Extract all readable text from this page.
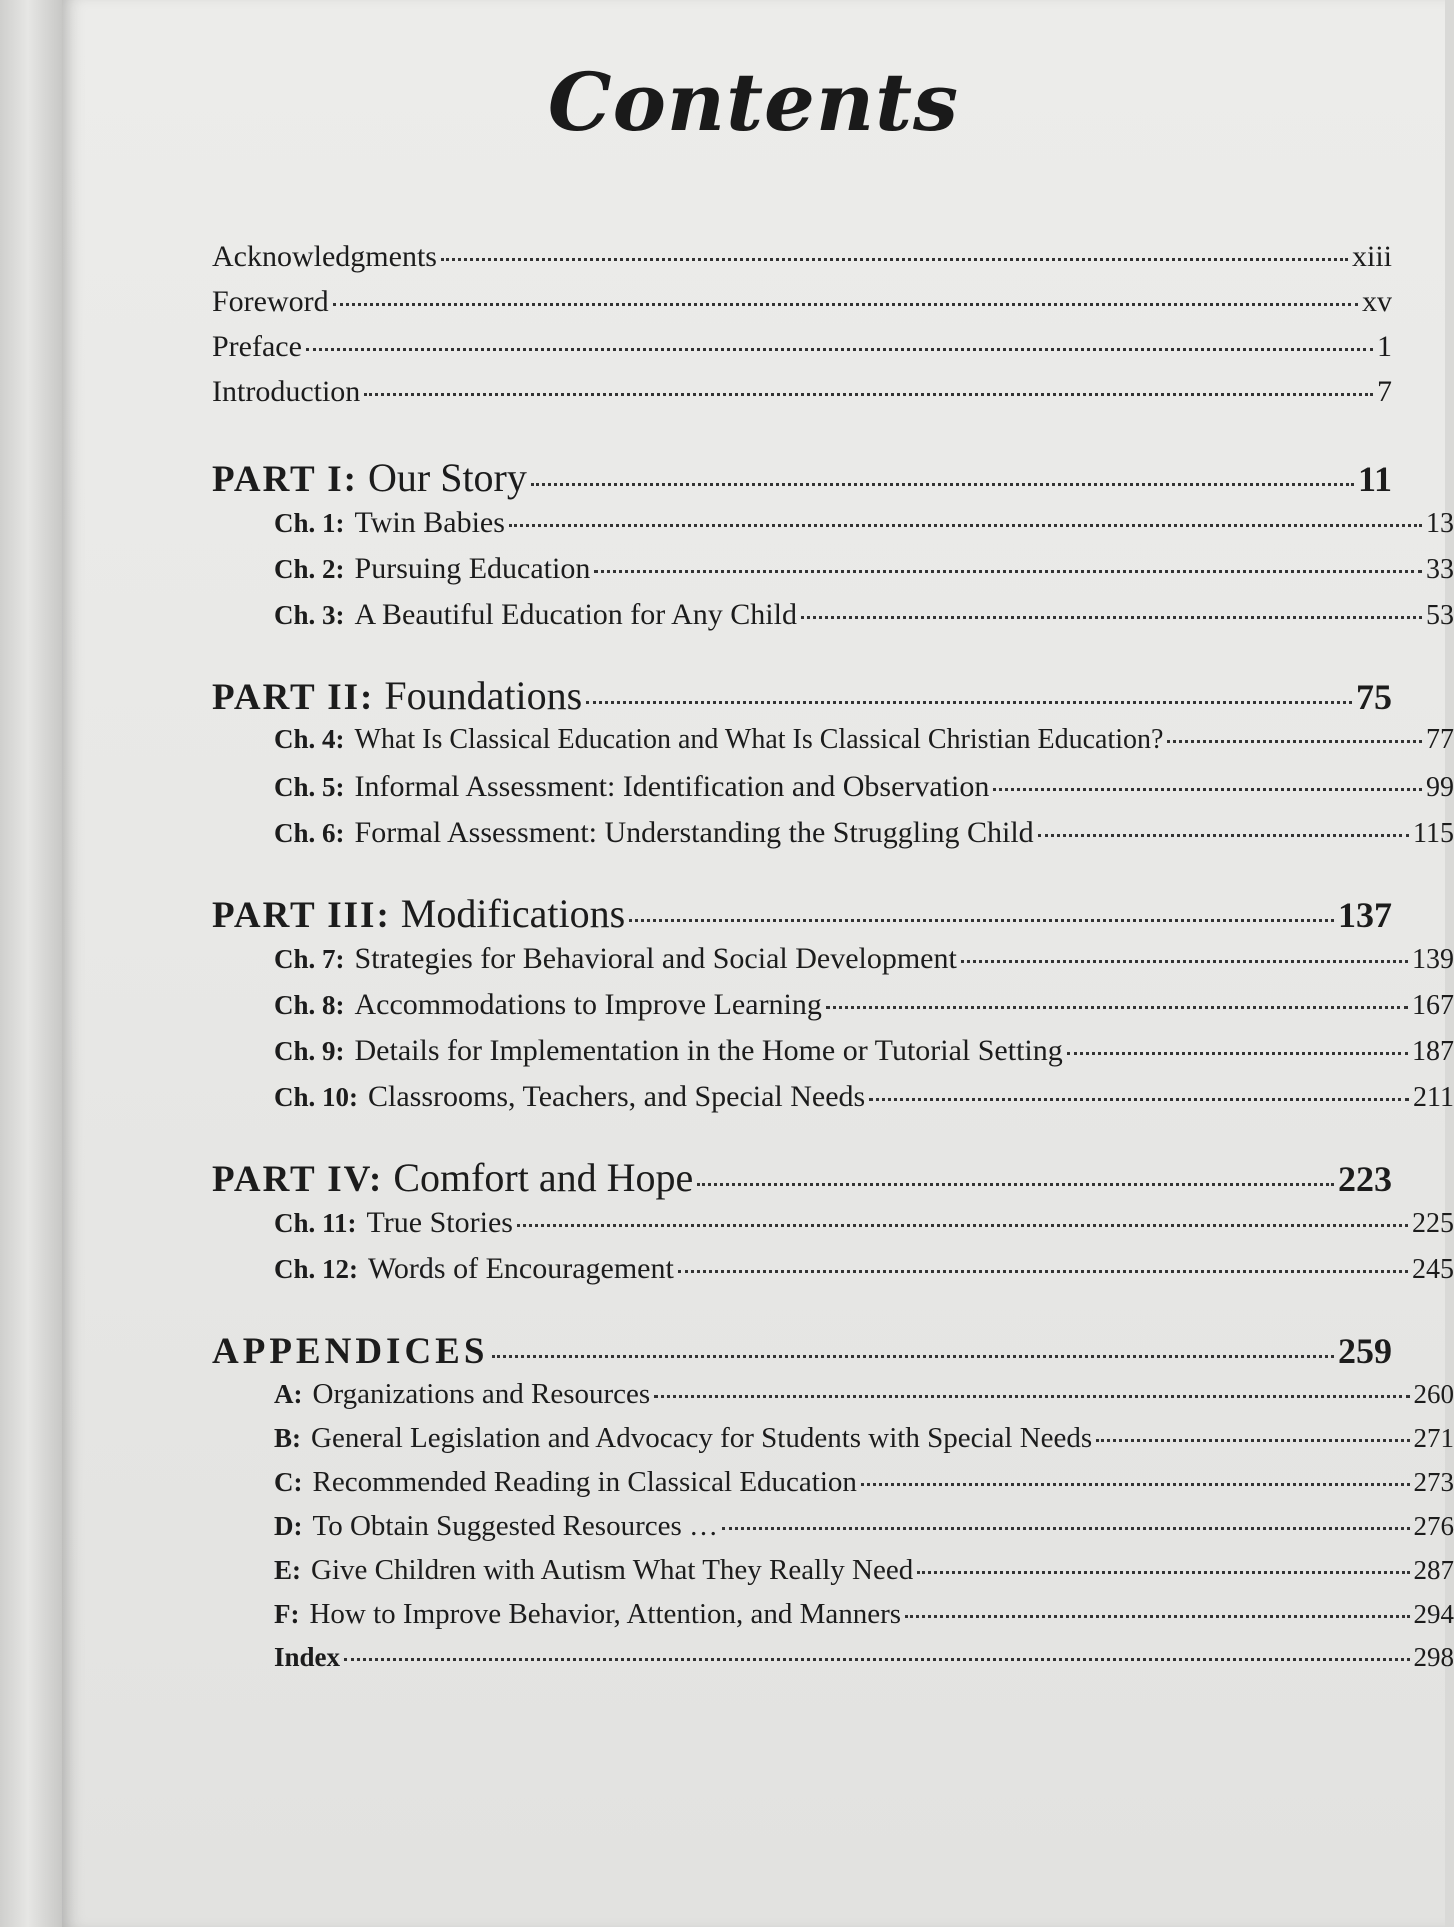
Contents
Acknowledgments	xiii
Foreword	xv
Preface	1
Introduction	7
PART I: Our Story	11
Ch. 1: Twin Babies	13
Ch. 2: Pursuing Education	33
Ch. 3: A Beautiful Education for Any Child	53
PART II: Foundations	75
Ch. 4: What Is Classical Education and What Is Classical Christian Education?	77
Ch. 5: Informal Assessment: Identification and Observation	99
Ch. 6: Formal Assessment: Understanding the Struggling Child	115
PART III: Modifications	137
Ch. 7: Strategies for Behavioral and Social Development	139
Ch. 8: Accommodations to Improve Learning	167
Ch. 9: Details for Implementation in the Home or Tutorial Setting	187
Ch. 10: Classrooms, Teachers, and Special Needs	211
PART IV: Comfort and Hope	223
Ch. 11: True Stories	225
Ch. 12: Words of Encouragement	245
APPENDICES	259
A: Organizations and Resources	260
B: General Legislation and Advocacy for Students with Special Needs	271
C: Recommended Reading in Classical Education	273
D: To Obtain Suggested Resources …	276
E: Give Children with Autism What They Really Need	287
F: How to Improve Behavior, Attention, and Manners	294
Index	298
